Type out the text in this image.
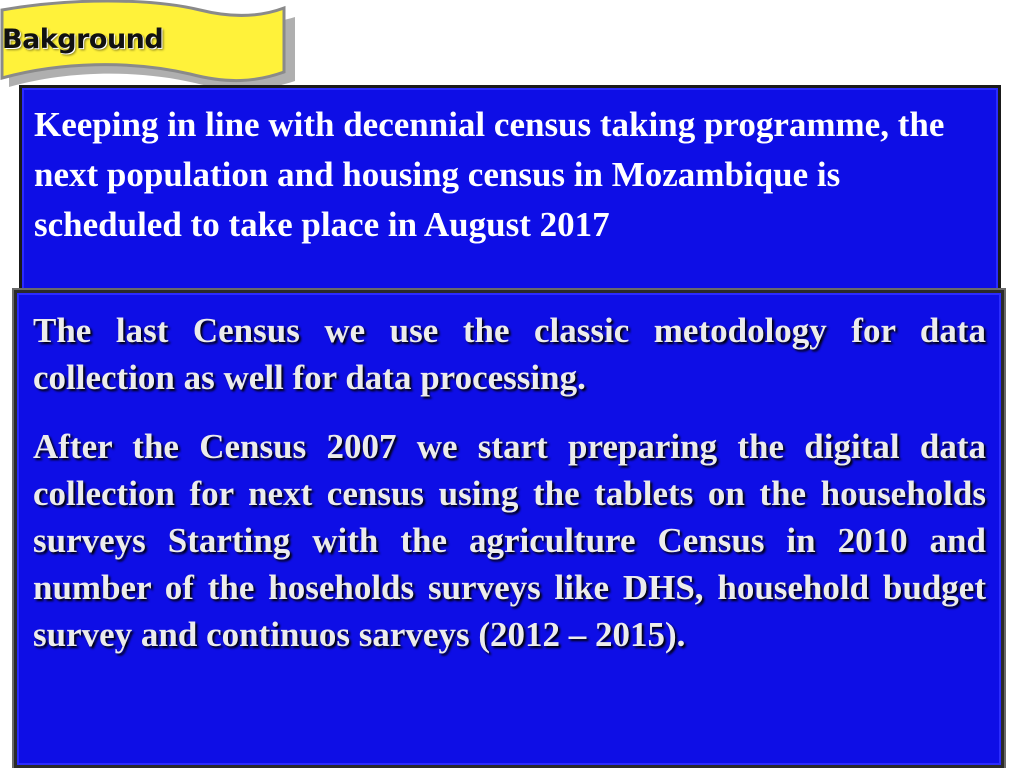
Bakground

Keeping in line with decennial census taking programme, the next population and housing census in Mozambique is scheduled to take place in August 2017

The last Census we use the classic metodology for data collection as well for data processing.

After the Census 2007 we start preparing the digital data collection for next census using the tablets on the households surveys Starting with the agriculture Census in 2010 and number of the hoseholds surveys like DHS, household budget survey and continuos sarveys (2012 – 2015).
